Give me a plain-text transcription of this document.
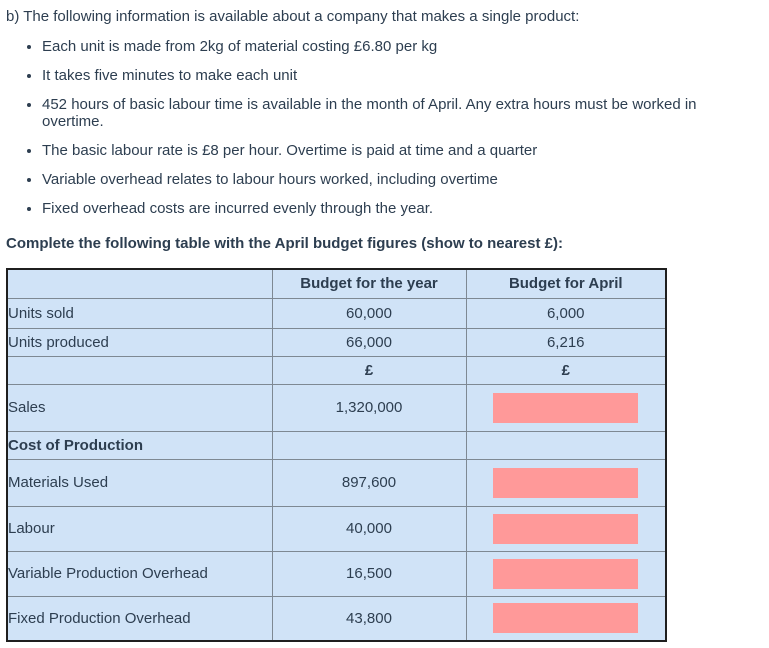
b) The following information is available about a company that makes a single product:
• Each unit is made from 2kg of material costing £6.80 per kg
• It takes five minutes to make each unit
• 452 hours of basic labour time is available in the month of April. Any extra hours must be worked in overtime.
• The basic labour rate is £8 per hour. Overtime is paid at time and a quarter
• Variable overhead relates to labour hours worked, including overtime
• Fixed overhead costs are incurred evenly through the year.
Complete the following table with the April budget figures (show to nearest £):
	Budget for the year	Budget for April
Units sold	60,000	6,000
Units produced	66,000	6,216
	£	£
Sales	1,320,000	

Cost of Production		
Materials Used	897,600	

Labour	40,000	

Variable Production Overhead	16,500	

Fixed Production Overhead	43,800	
